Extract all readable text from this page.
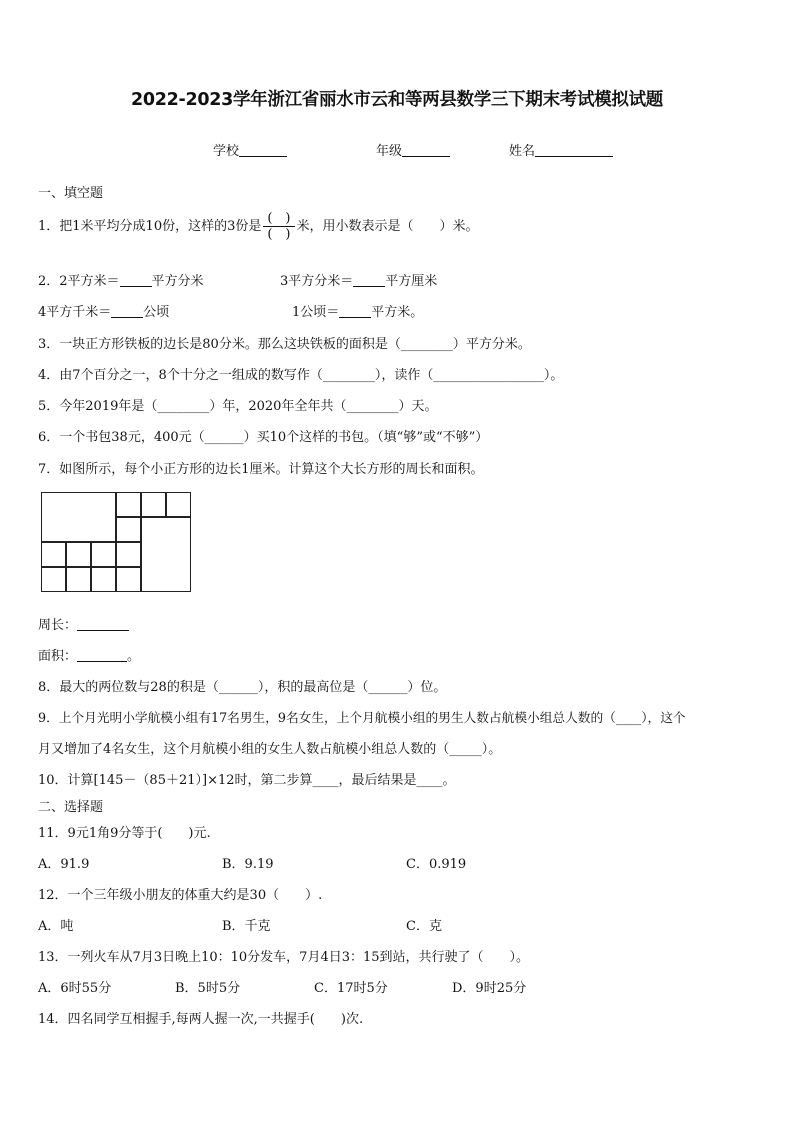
2022-2023学年浙江省丽水市云和等两县数学三下期末考试模拟试题
学校	年级	姓名
一、填空题
1．把1米平均分成10份，这样的3份是 $\frac{( )}{( )}$ 米，用小数表示是（　　）米。
2．2平方米＝ 平方分米	3平方分米＝ 平方厘米
4平方千米＝ 公顷	1公顷＝ 平方米。
3．一块正方形铁板的边长是80分米。那么这块铁板的面积是（________）平方分米。
4．由7个百分之一，8个十分之一组成的数写作（________），读作（_________________）。
5．今年2019年是（________）年，2020年全年共（________）天。
6．一个书包38元，400元（______）买10个这样的书包。（填“够”或“不够”）
7．如图所示，每个小正方形的边长1厘米。计算这个大长方形的周长和面积。
周长：
面积：	。
8．最大的两位数与28的积是（______），积的最高位是（______）位。
9．上个月光明小学航模小组有17名男生，9名女生，上个月航模小组的男生人数占航模小组总人数的（____），这个
月又增加了4名女生，这个月航模小组的女生人数占航模小组总人数的（_____）。
10．计算[145－（85＋21）]×12时，第二步算____，最后结果是____。
二、选择题
11．9元1角9分等于(　　)元.
A．91.9	B．9.19	C．0.919
12．一个三年级小朋友的体重大约是30（　　）.
A．吨	B．千克	C．克
13．一列火车从7月3日晚上10：10分发车，7月4日3：15到站，共行驶了（　　）。
A．6时55分	B．5时5分	C．17时5分	D．9时25分
14．四名同学互相握手,每两人握一次,一共握手(　　)次.
